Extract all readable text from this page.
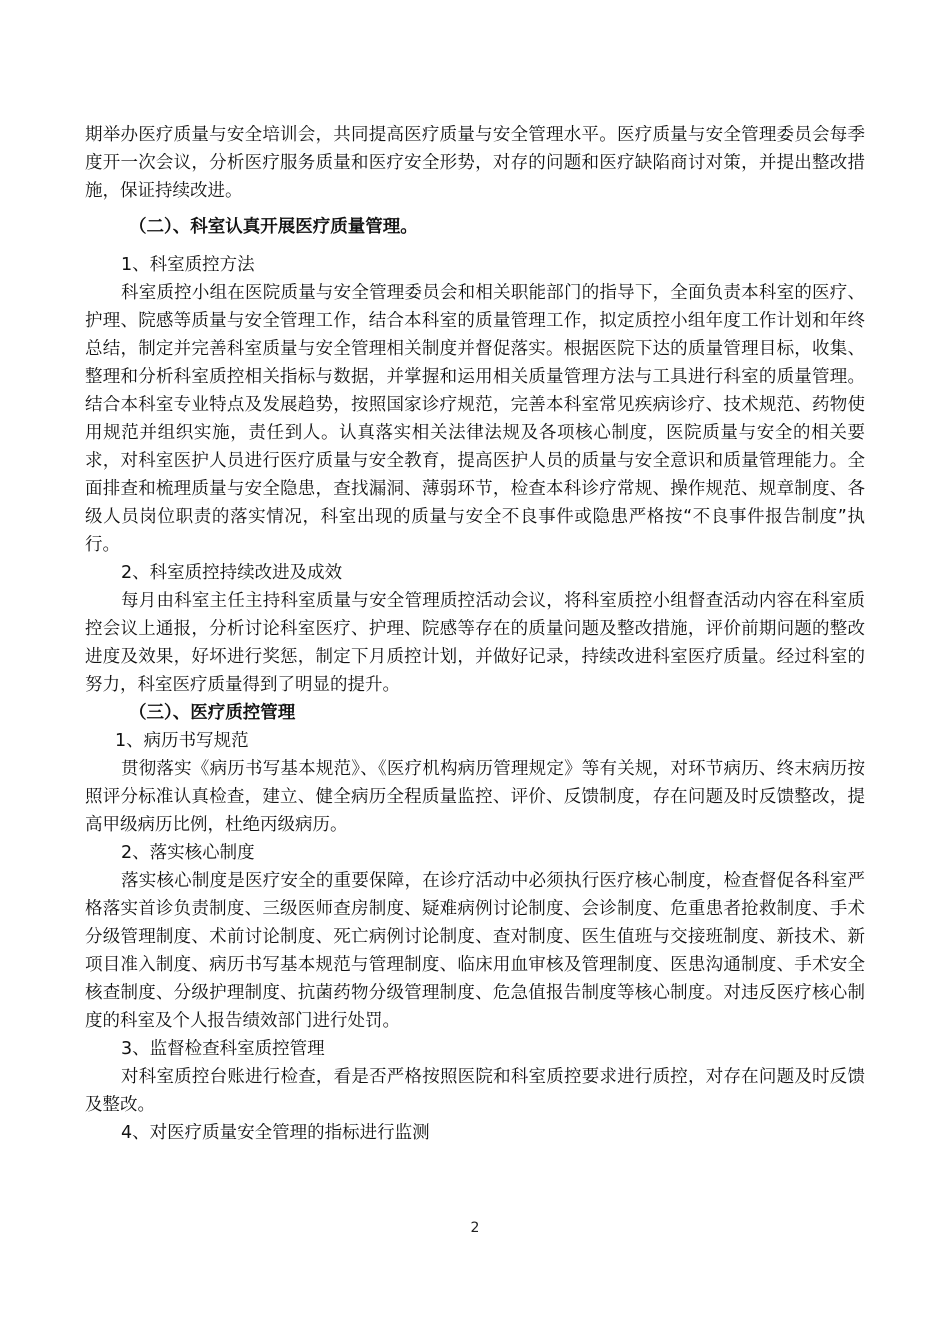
期举办医疗质量与安全培训会，共同提高医疗质量与安全管理水平。医疗质量与安全管理委员会每季度开一次会议，分析医疗服务质量和医疗安全形势，对存的问题和医疗缺陷商讨对策，并提出整改措施，保证持续改进。

（二）、科室认真开展医疗质量管理。

1、科室质控方法

科室质控小组在医院质量与安全管理委员会和相关职能部门的指导下，全面负责本科室的医疗、护理、院感等质量与安全管理工作，结合本科室的质量管理工作，拟定质控小组年度工作计划和年终总结，制定并完善科室质量与安全管理相关制度并督促落实。根据医院下达的质量管理目标，收集、整理和分析科室质控相关指标与数据，并掌握和运用相关质量管理方法与工具进行科室的质量管理。结合本科室专业特点及发展趋势，按照国家诊疗规范，完善本科室常见疾病诊疗、技术规范、药物使用规范并组织实施，责任到人。认真落实相关法律法规及各项核心制度，医院质量与安全的相关要求，对科室医护人员进行医疗质量与安全教育，提高医护人员的质量与安全意识和质量管理能力。全面排查和梳理质量与安全隐患，查找漏洞、薄弱环节，检查本科诊疗常规、操作规范、规章制度、各级人员岗位职责的落实情况，科室出现的质量与安全不良事件或隐患严格按“不良事件报告制度”执行。

2、科室质控持续改进及成效

每月由科室主任主持科室质量与安全管理质控活动会议，将科室质控小组督查活动内容在科室质控会议上通报，分析讨论科室医疗、护理、院感等存在的质量问题及整改措施，评价前期问题的整改进度及效果，好坏进行奖惩，制定下月质控计划，并做好记录，持续改进科室医疗质量。经过科室的努力，科室医疗质量得到了明显的提升。

（三）、医疗质控管理

1、病历书写规范

贯彻落实《病历书写基本规范》、《医疗机构病历管理规定》等有关规，对环节病历、终末病历按照评分标准认真检查，建立、健全病历全程质量监控、评价、反馈制度，存在问题及时反馈整改，提高甲级病历比例，杜绝丙级病历。

2、落实核心制度

落实核心制度是医疗安全的重要保障，在诊疗活动中必须执行医疗核心制度，检查督促各科室严格落实首诊负责制度、三级医师查房制度、疑难病例讨论制度、会诊制度、危重患者抢救制度、手术分级管理制度、术前讨论制度、死亡病例讨论制度、查对制度、医生值班与交接班制度、新技术、新项目准入制度、病历书写基本规范与管理制度、临床用血审核及管理制度、医患沟通制度、手术安全核查制度、分级护理制度、抗菌药物分级管理制度、危急值报告制度等核心制度。对违反医疗核心制度的科室及个人报告绩效部门进行处罚。

3、监督检查科室质控管理

对科室质控台账进行检查，看是否严格按照医院和科室质控要求进行质控，对存在问题及时反馈及整改。

4、对医疗质量安全管理的指标进行监测

2
